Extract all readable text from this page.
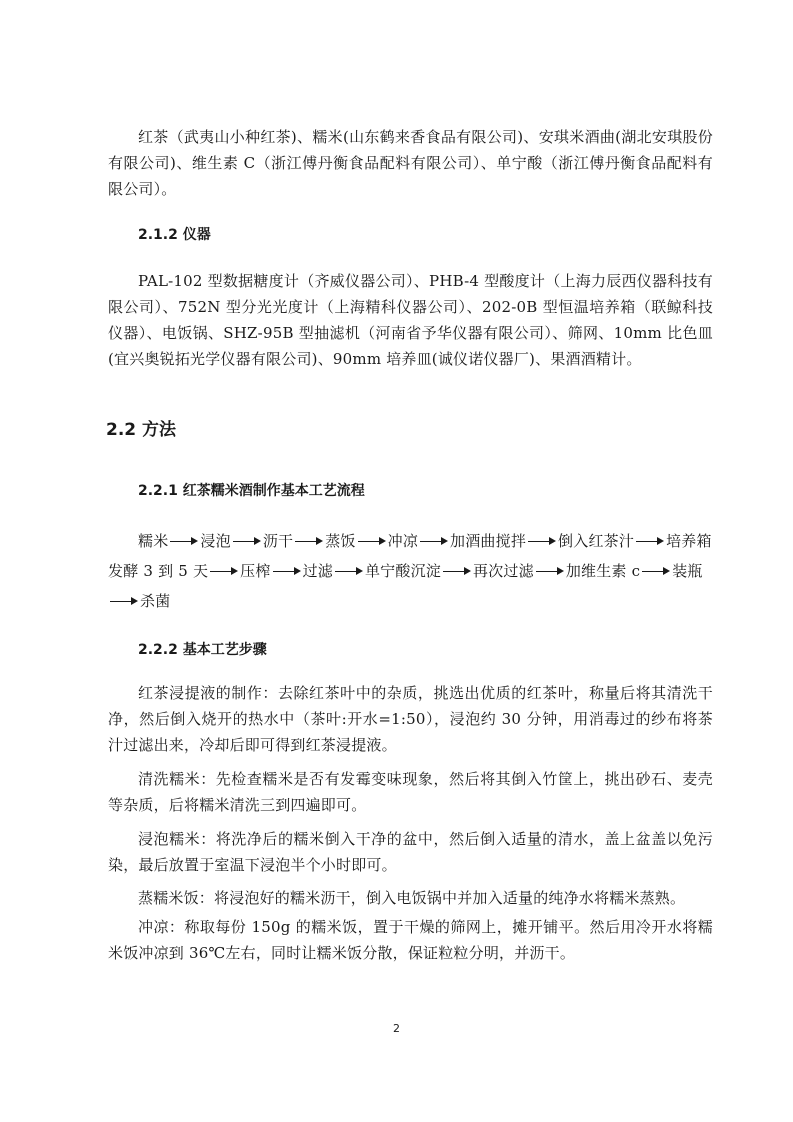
红茶（武夷山小种红茶)、糯米(山东鹤来香食品有限公司)、安琪米酒曲(湖北安琪股份有限公司)、维生素 C（浙江傅丹衡食品配料有限公司）、单宁酸（浙江傅丹衡食品配料有限公司）。

2.1.2 仪器

PAL-102 型数据糖度计（齐威仪器公司）、PHB-4 型酸度计（上海力辰西仪器科技有限公司）、752N 型分光光度计（上海精科仪器公司）、202-0B 型恒温培养箱（联鲸科技仪器）、电饭锅、SHZ-95B 型抽滤机（河南省予华仪器有限公司）、筛网、10mm 比色皿(宜兴奥锐拓光学仪器有限公司)、90mm 培养皿(诚仪诺仪器厂)、果酒酒精计。

2.2 方法
2.2.1 红茶糯米酒制作基本工艺流程

糯米 浸泡 沥干 蒸饭 冲凉 加酒曲搅拌 倒入红茶汁 培养箱发酵 3 到 5 天 压榨 过滤 单宁酸沉淀 再次过滤 加维生素 c 装瓶杀菌

2.2.2 基本工艺步骤

红茶浸提液的制作：去除红茶叶中的杂质，挑选出优质的红茶叶，称量后将其清洗干净，然后倒入烧开的热水中（茶叶:开水=1:50），浸泡约 30 分钟，用消毒过的纱布将茶汁过滤出来，冷却后即可得到红茶浸提液。

清洗糯米：先检查糯米是否有发霉变味现象，然后将其倒入竹筐上，挑出砂石、麦壳等杂质，后将糯米清洗三到四遍即可。

浸泡糯米：将洗净后的糯米倒入干净的盆中，然后倒入适量的清水，盖上盆盖以免污染，最后放置于室温下浸泡半个小时即可。

蒸糯米饭：将浸泡好的糯米沥干，倒入电饭锅中并加入适量的纯净水将糯米蒸熟。

冲凉：称取每份 150g 的糯米饭，置于干燥的筛网上，摊开铺平。然后用冷开水将糯米饭冲凉到 36℃左右，同时让糯米饭分散，保证粒粒分明，并沥干。

2
